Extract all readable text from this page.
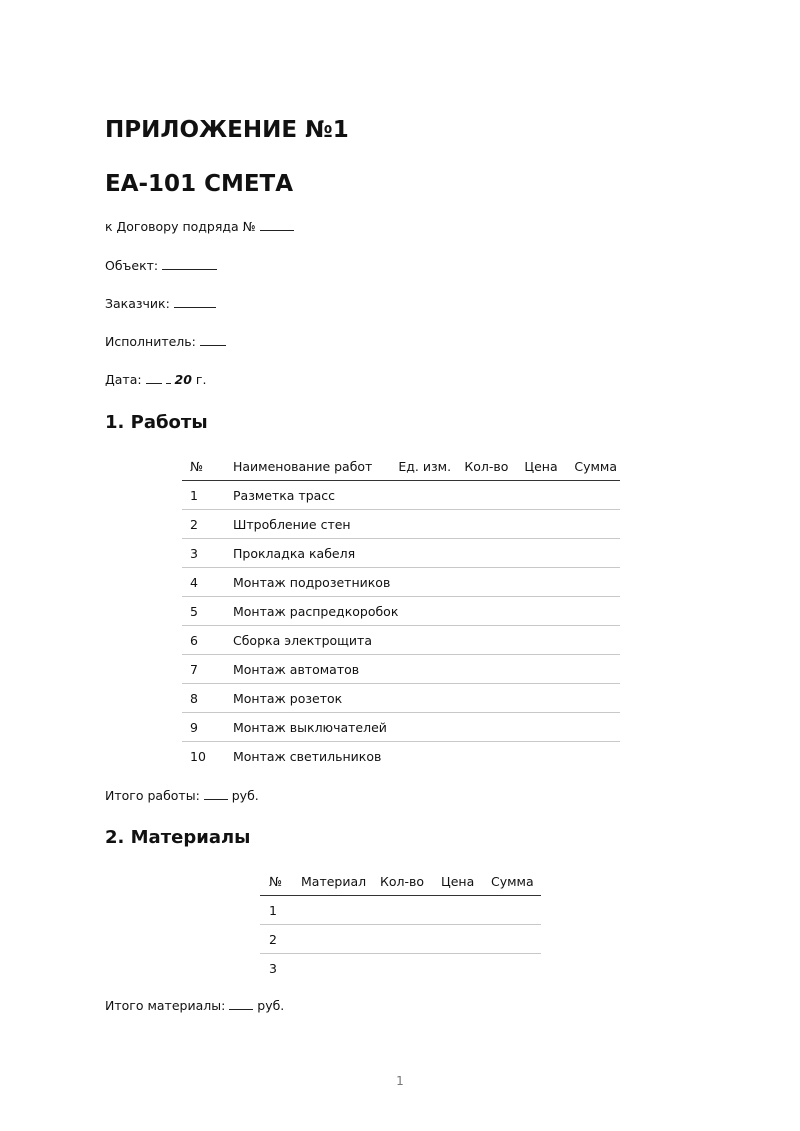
ПРИЛОЖЕНИЕ №1
EA-101 СМЕТА
к Договору подряда №
Объект:
Заказчик:
Исполнитель:
Дата:   20 г.
1. Работы
№	Наименование работ	Ед. изм.	Кол-во	Цена	Сумма
1	Разметка трасс				
2	Штробление стен				
3	Прокладка кабеля				
4	Монтаж подрозетников				
5	Монтаж распредкоробок				
6	Сборка электрощита				
7	Монтаж автоматов				
8	Монтаж розеток				
9	Монтаж выключателей				
10	Монтаж светильников				
Итого работы:  руб.
2. Материалы
№	Материал	Кол-во	Цена	Сумма
1				
2				
3				
Итого материалы:  руб.
1
